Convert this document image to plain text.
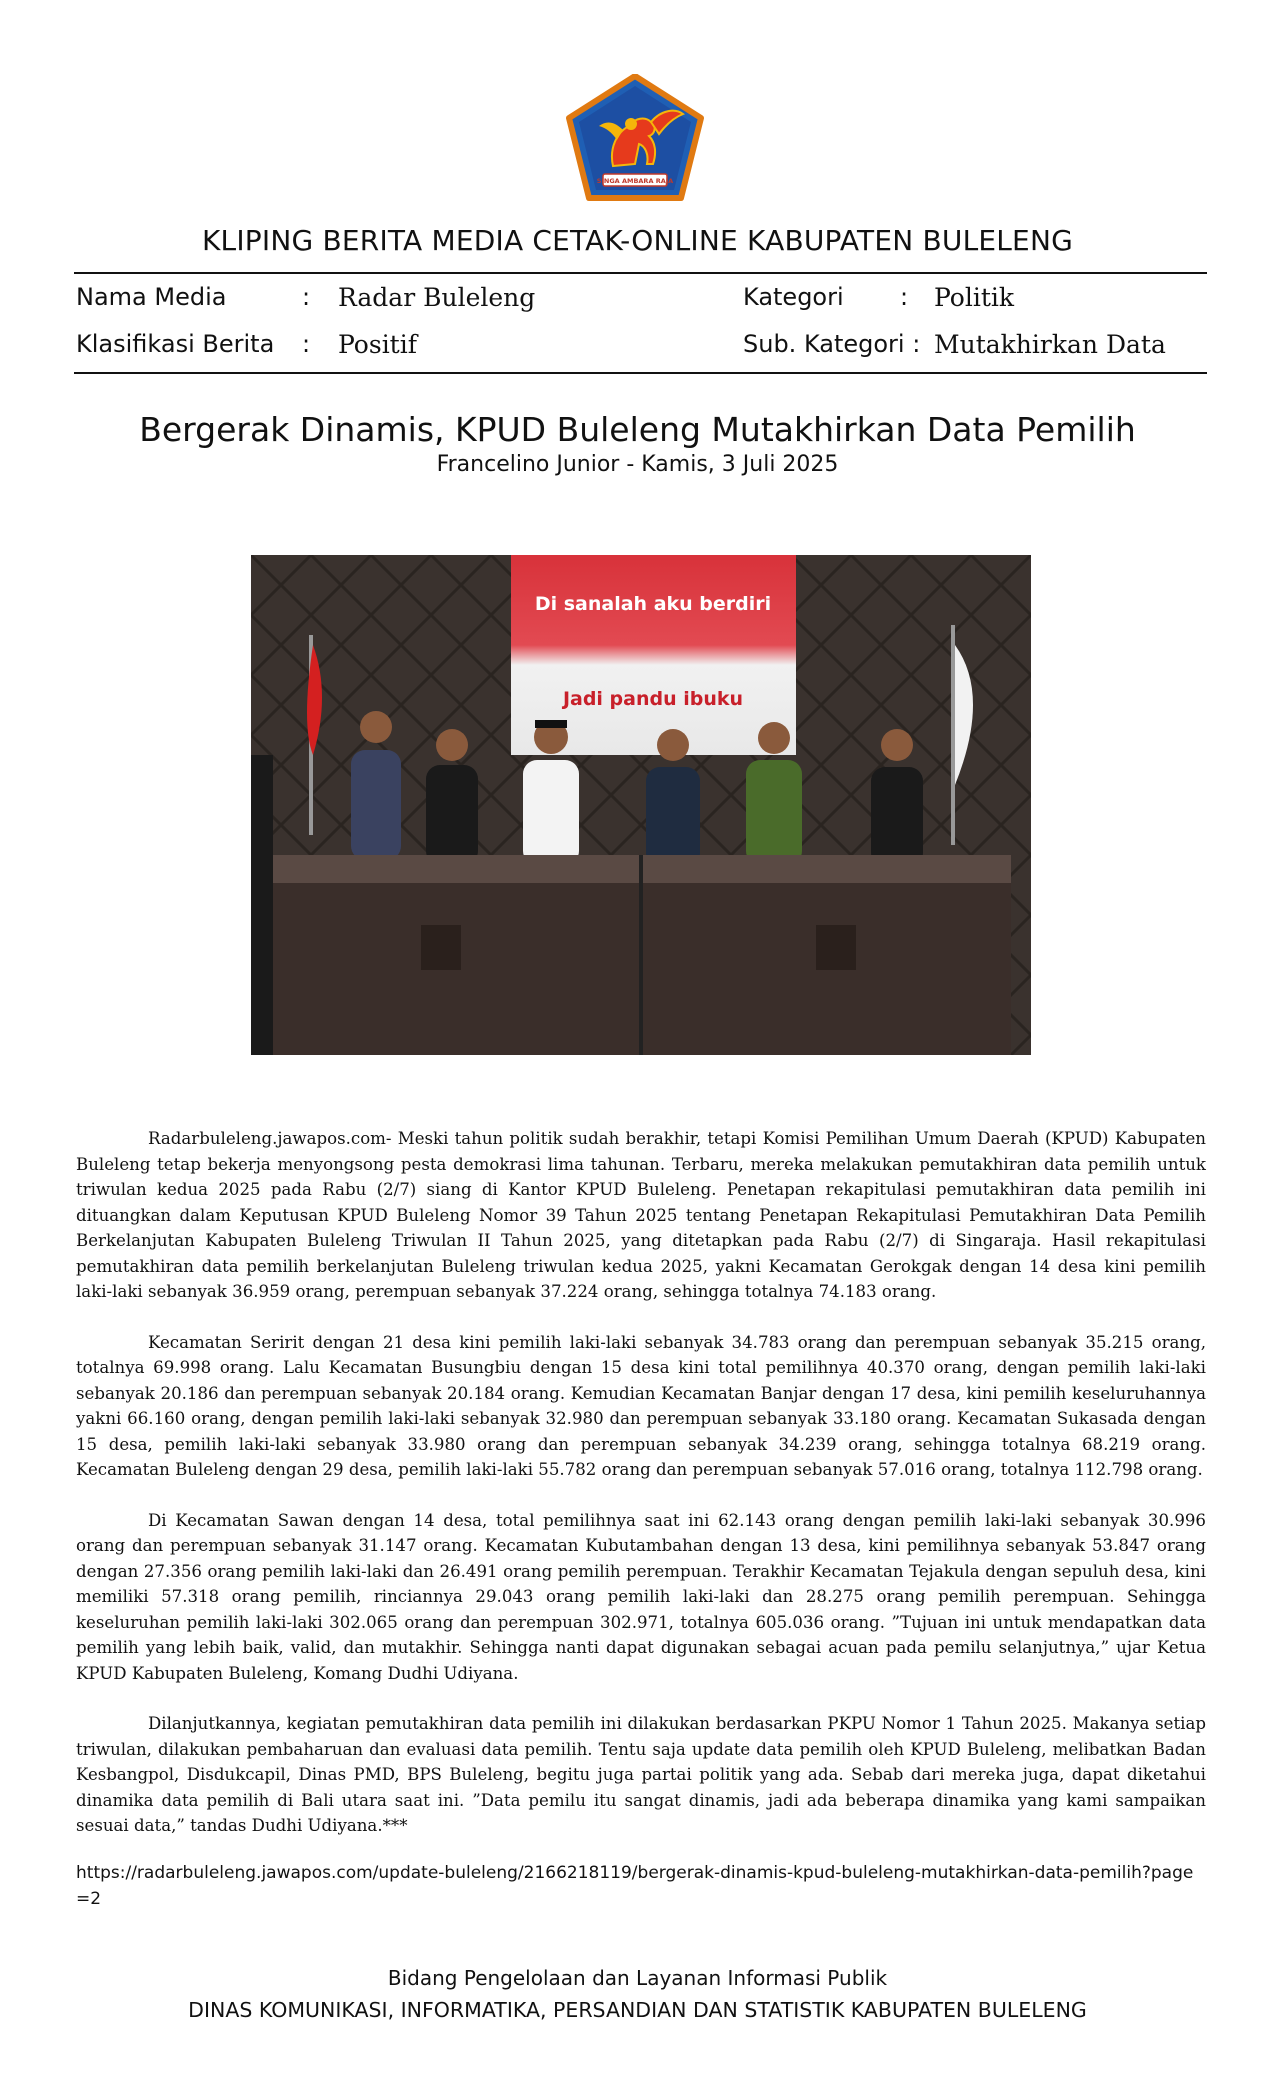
SINGA AMBARA RAJA
KLIPING BERITA MEDIA CETAK-ONLINE KABUPATEN BULELENG
Nama Media	: Radar Buleleng	Kategori : Politik
Klasifikasi Berita : Positif	Sub. Kategori : Mutakhirkan Data
Bergerak Dinamis, KPUD Buleleng Mutakhirkan Data Pemilih
Francelino Junior - Kamis, 3 Juli 2025
Di sanalah aku berdiri
Jadi pandu ibuku

Radarbuleleng.jawapos.com- Meski tahun politik sudah berakhir, tetapi Komisi Pemilihan Umum Daerah (KPUD) Kabupaten Buleleng tetap bekerja menyongsong pesta demokrasi lima tahunan. Terbaru, mereka melakukan pemutakhiran data pemilih untuk triwulan kedua 2025 pada Rabu (2/7) siang di Kantor KPUD Buleleng. Penetapan rekapitulasi pemutakhiran data pemilih ini dituangkan dalam Keputusan KPUD Buleleng Nomor 39 Tahun 2025 tentang Penetapan Rekapitulasi Pemutakhiran Data Pemilih Berkelanjutan Kabupaten Buleleng Triwulan II Tahun 2025, yang ditetapkan pada Rabu (2/7) di Singaraja. Hasil rekapitulasi pemutakhiran data pemilih berkelanjutan Buleleng triwulan kedua 2025, yakni Kecamatan Gerokgak dengan 14 desa kini pemilih laki-laki sebanyak 36.959 orang, perempuan sebanyak 37.224 orang, sehingga totalnya 74.183 orang.

Kecamatan Seririt dengan 21 desa kini pemilih laki-laki sebanyak 34.783 orang dan perempuan sebanyak 35.215 orang, totalnya 69.998 orang. Lalu Kecamatan Busungbiu dengan 15 desa kini total pemilihnya 40.370 orang, dengan pemilih laki-laki sebanyak 20.186 dan perempuan sebanyak 20.184 orang. Kemudian Kecamatan Banjar dengan 17 desa, kini pemilih keseluruhannya yakni 66.160 orang, dengan pemilih laki-laki sebanyak 32.980 dan perempuan sebanyak 33.180 orang. Kecamatan Sukasada dengan 15 desa, pemilih laki-laki sebanyak 33.980 orang dan perempuan sebanyak 34.239 orang, sehingga totalnya 68.219 orang. Kecamatan Buleleng dengan 29 desa, pemilih laki-laki 55.782 orang dan perempuan sebanyak 57.016 orang, totalnya 112.798 orang.

Di Kecamatan Sawan dengan 14 desa, total pemilihnya saat ini 62.143 orang dengan pemilih laki-laki sebanyak 30.996 orang dan perempuan sebanyak 31.147 orang. Kecamatan Kubutambahan dengan 13 desa, kini pemilihnya sebanyak 53.847 orang dengan 27.356 orang pemilih laki-laki dan 26.491 orang pemilih perempuan. Terakhir Kecamatan Tejakula dengan sepuluh desa, kini memiliki 57.318 orang pemilih, rinciannya 29.043 orang pemilih laki-laki dan 28.275 orang pemilih perempuan. Sehingga keseluruhan pemilih laki-laki 302.065 orang dan perempuan 302.971, totalnya 605.036 orang. ”Tujuan ini untuk mendapatkan data pemilih yang lebih baik, valid, dan mutakhir. Sehingga nanti dapat digunakan sebagai acuan pada pemilu selanjutnya,” ujar Ketua KPUD Kabupaten Buleleng, Komang Dudhi Udiyana.

Dilanjutkannya, kegiatan pemutakhiran data pemilih ini dilakukan berdasarkan PKPU Nomor 1 Tahun 2025. Makanya setiap triwulan, dilakukan pembaharuan dan evaluasi data pemilih. Tentu saja update data pemilih oleh KPUD Buleleng, melibatkan Badan Kesbangpol, Disdukcapil, Dinas PMD, BPS Buleleng, begitu juga partai politik yang ada. Sebab dari mereka juga, dapat diketahui dinamika data pemilih di Bali utara saat ini. ”Data pemilu itu sangat dinamis, jadi ada beberapa dinamika yang kami sampaikan sesuai data,” tandas Dudhi Udiyana.***

https://radarbuleleng.jawapos.com/update-buleleng/2166218119/bergerak-dinamis-kpud-buleleng-mutakhirkan-data-pemilih?page=2
Bidang Pengelolaan dan Layanan Informasi Publik
DINAS KOMUNIKASI, INFORMATIKA, PERSANDIAN DAN STATISTIK KABUPATEN BULELENG
